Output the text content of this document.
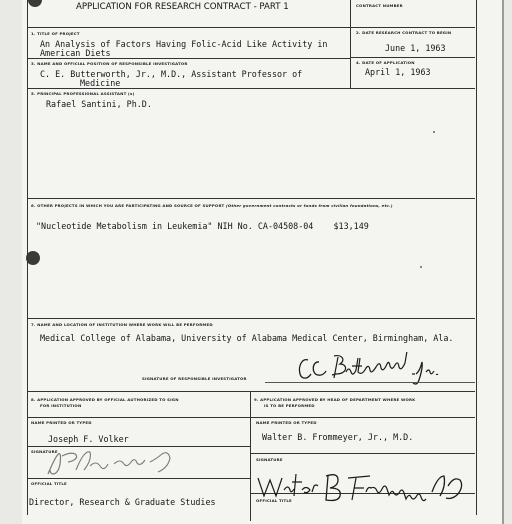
APPLICATION FOR RESEARCH CONTRACT - PART 1	CONTRACT NUMBER
1. TITLE OF PROJECT
An Analysis of Factors Having Folic-Acid Like Activity in
American Diets
2. DATE RESEARCH CONTRACT TO BEGIN
June 1, 1963
3. NAME AND OFFICIAL POSITION OF RESPONSIBLE INVESTIGATOR
C. E. Butterworth, Jr., M.D., Assistant Professor of
Medicine
4. DATE OF APPLICATION
April 1, 1963
5. PRINCIPAL PROFESSIONAL ASSISTANT (s)
Rafael Santini, Ph.D.
6. OTHER PROJECTS IN WHICH YOU ARE PARTICIPATING AND SOURCE OF SUPPORT (Other government contracts or funds from civilian foundations, etc.)
"Nucleotide Metabolism in Leukemia" NIH No. CA-04508-04    $13,149
7. NAME AND LOCATION OF INSTITUTION WHERE WORK WILL BE PERFORMED
Medical College of Alabama, University of Alabama Medical Center, Birmingham, Ala.
SIGNATURE OF RESPONSIBLE INVESTIGATOR
8. APPLICATION APPROVED BY OFFICIAL AUTHORIZED TO SIGN
FOR INSTITUTION
NAME PRINTED OR TYPED
Joseph F. Volker
SIGNATURE
OFFICIAL TITLE
Director, Research & Graduate Studies
9. APPLICATION APPROVED BY HEAD OF DEPARTMENT WHERE WORK
IS TO BE PERFORMED
NAME PRINTED OR TYPED
Walter B. Frommeyer, Jr., M.D.
SIGNATURE
OFFICIAL TITLE
